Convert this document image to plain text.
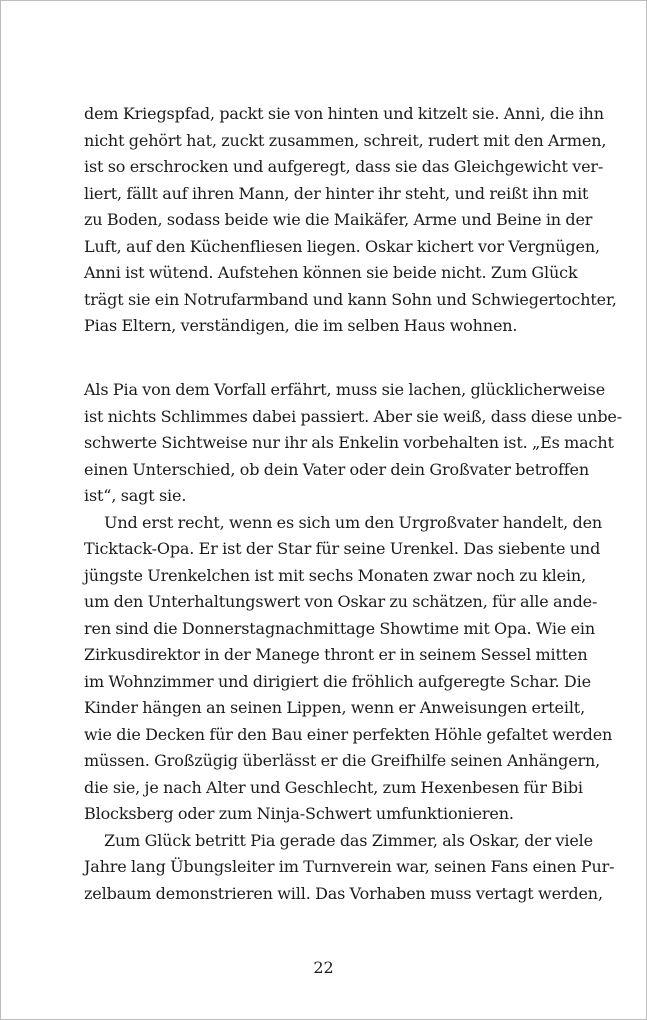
dem Kriegspfad, packt sie von hinten und kitzelt sie. Anni, die ihn
nicht gehört hat, zuckt zusammen, schreit, rudert mit den Armen,
ist so erschrocken und aufgeregt, dass sie das Gleichgewicht ver-
liert, fällt auf ihren Mann, der hinter ihr steht, und reißt ihn mit
zu Boden, sodass beide wie die Maikäfer, Arme und Beine in der
Luft, auf den Küchenfliesen liegen. Oskar kichert vor Vergnügen,
Anni ist wütend. Aufstehen können sie beide nicht. Zum Glück
trägt sie ein Notrufarmband und kann Sohn und Schwiegertochter,
Pias Eltern, verständigen, die im selben Haus wohnen.
Als Pia von dem Vorfall erfährt, muss sie lachen, glücklicherweise
ist nichts Schlimmes dabei passiert. Aber sie weiß, dass diese unbe-
schwerte Sichtweise nur ihr als Enkelin vorbehalten ist. „Es macht
einen Unterschied, ob dein Vater oder dein Großvater betroffen
ist“, sagt sie.
Und erst recht, wenn es sich um den Urgroßvater handelt, den
Ticktack-Opa. Er ist der Star für seine Urenkel. Das siebente und
jüngste Urenkelchen ist mit sechs Monaten zwar noch zu klein,
um den Unterhaltungswert von Oskar zu schätzen, für alle ande-
ren sind die Donnerstagnachmittage Showtime mit Opa. Wie ein
Zirkusdirektor in der Manege thront er in seinem Sessel mitten
im Wohnzimmer und dirigiert die fröhlich aufgeregte Schar. Die
Kinder hängen an seinen Lippen, wenn er Anweisungen erteilt,
wie die Decken für den Bau einer perfekten Höhle gefaltet werden
müssen. Großzügig überlässt er die Greifhilfe seinen Anhängern,
die sie, je nach Alter und Geschlecht, zum Hexenbesen für Bibi
Blocksberg oder zum Ninja-Schwert umfunktionieren.
Zum Glück betritt Pia gerade das Zimmer, als Oskar, der viele
Jahre lang Übungsleiter im Turnverein war, seinen Fans einen Pur-
zelbaum demonstrieren will. Das Vorhaben muss vertagt werden,
22
